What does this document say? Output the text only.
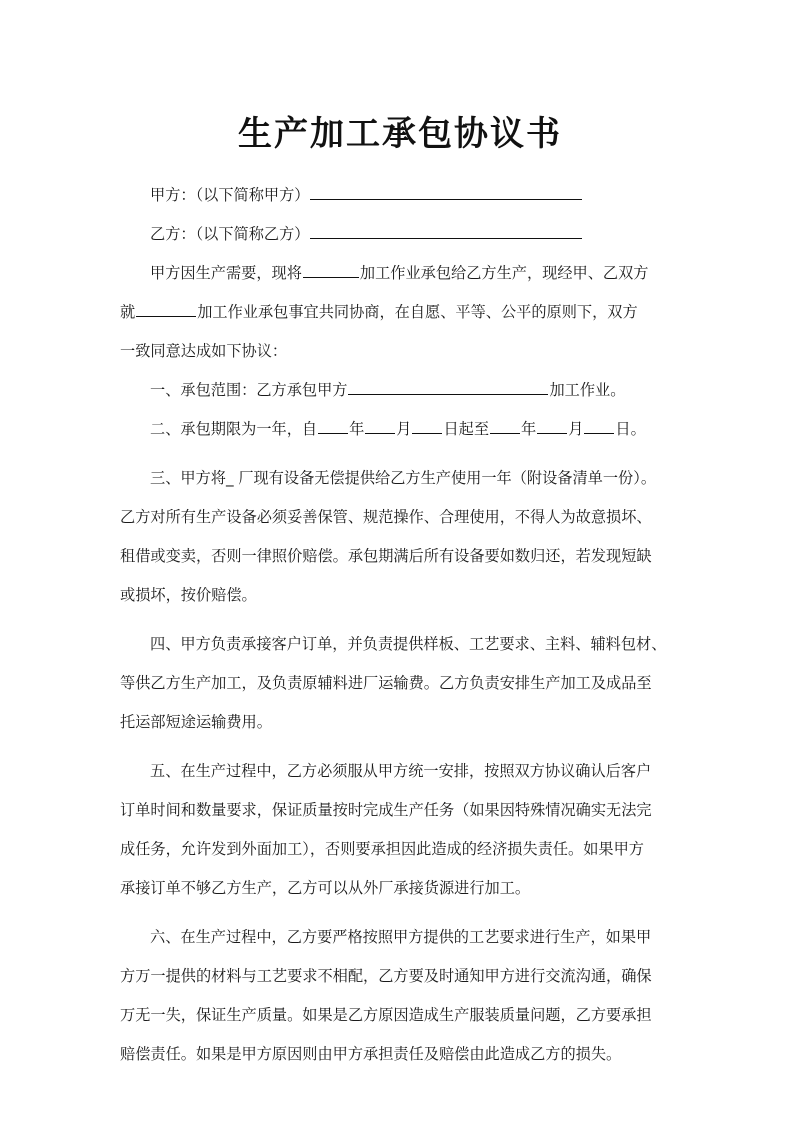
生产加工承包协议书
甲方：（以下简称甲方）
乙方：（以下简称乙方）
甲方因生产需要，现将	加工作业承包给乙方生产，现经甲、乙双方
就	加工作业承包事宜共同协商，在自愿、平等、公平的原则下，双方
一致同意达成如下协议：
一、承包范围：乙方承包甲方	加工作业。
二、承包期限为一年，自 年 月 日起至 年 月 日。
三、甲方将_ 厂现有设备无偿提供给乙方生产使用一年（附设备清单一份）。
乙方对所有生产设备必须妥善保管、规范操作、合理使用，不得人为故意损坏、
租借或变卖，否则一律照价赔偿。承包期满后所有设备要如数归还，若发现短缺
或损坏，按价赔偿。
四、甲方负责承接客户订单，并负责提供样板、工艺要求、主料、辅料包材、
等供乙方生产加工，及负责原辅料进厂运输费。乙方负责安排生产加工及成品至
托运部短途运输费用。
五、在生产过程中，乙方必须服从甲方统一安排，按照双方协议确认后客户
订单时间和数量要求，保证质量按时完成生产任务（如果因特殊情况确实无法完
成任务，允许发到外面加工），否则要承担因此造成的经济损失责任。如果甲方
承接订单不够乙方生产，乙方可以从外厂承接货源进行加工。
六、在生产过程中，乙方要严格按照甲方提供的工艺要求进行生产，如果甲
方万一提供的材料与工艺要求不相配，乙方要及时通知甲方进行交流沟通，确保
万无一失，保证生产质量。如果是乙方原因造成生产服装质量问题，乙方要承担
赔偿责任。如果是甲方原因则由甲方承担责任及赔偿由此造成乙方的损失。
